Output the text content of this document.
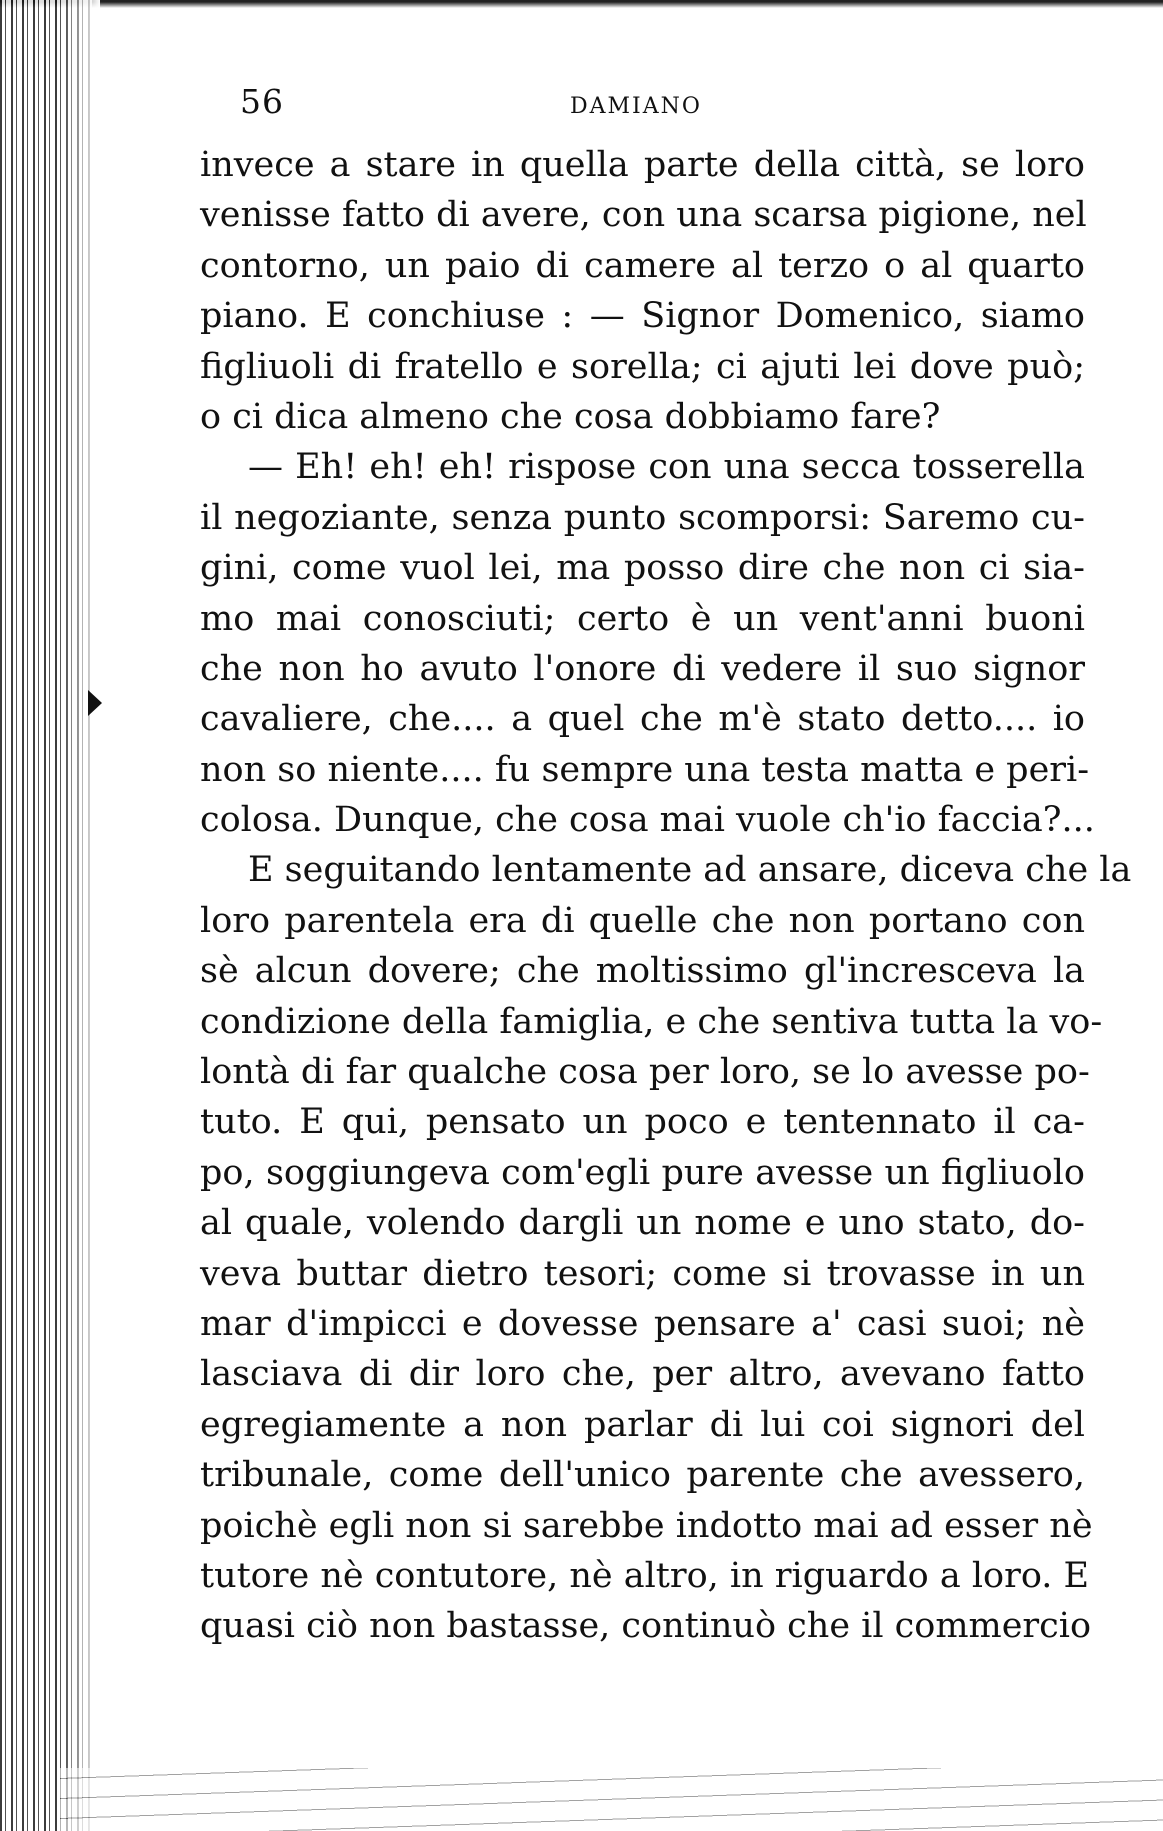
56	DAMIANO
invece a stare in quella parte della città, se loro
venisse fatto di avere, con una scarsa pigione, nel
contorno, un paio di camere al terzo o al quarto
piano. E conchiuse : — Signor Domenico, siamo
figliuoli di fratello e sorella; ci ajuti lei dove può;
o ci dica almeno che cosa dobbiamo fare?
— Eh! eh! eh! rispose con una secca tosserella
il negoziante, senza punto scomporsi: Saremo cu-
gini, come vuol lei, ma posso dire che non ci sia-
mo mai conosciuti; certo è un vent'anni buoni
che non ho avuto l'onore di vedere il suo signor
cavaliere, che.... a quel che m'è stato detto.... io
non so niente.... fu sempre una testa matta e peri-
colosa. Dunque, che cosa mai vuole ch'io faccia?...
E seguitando lentamente ad ansare, diceva che la
loro parentela era di quelle che non portano con
sè alcun dovere; che moltissimo gl'incresceva la
condizione della famiglia, e che sentiva tutta la vo-
lontà di far qualche cosa per loro, se lo avesse po-
tuto. E qui, pensato un poco e tentennato il ca-
po, soggiungeva com'egli pure avesse un figliuolo
al quale, volendo dargli un nome e uno stato, do-
veva buttar dietro tesori; come si trovasse in un
mar d'impicci e dovesse pensare a' casi suoi; nè
lasciava di dir loro che, per altro, avevano fatto
egregiamente a non parlar di lui coi signori del
tribunale, come dell'unico parente che avessero,
poichè egli non si sarebbe indotto mai ad esser nè
tutore nè contutore, nè altro, in riguardo a loro. E
quasi ciò non bastasse, continuò che il commercio
